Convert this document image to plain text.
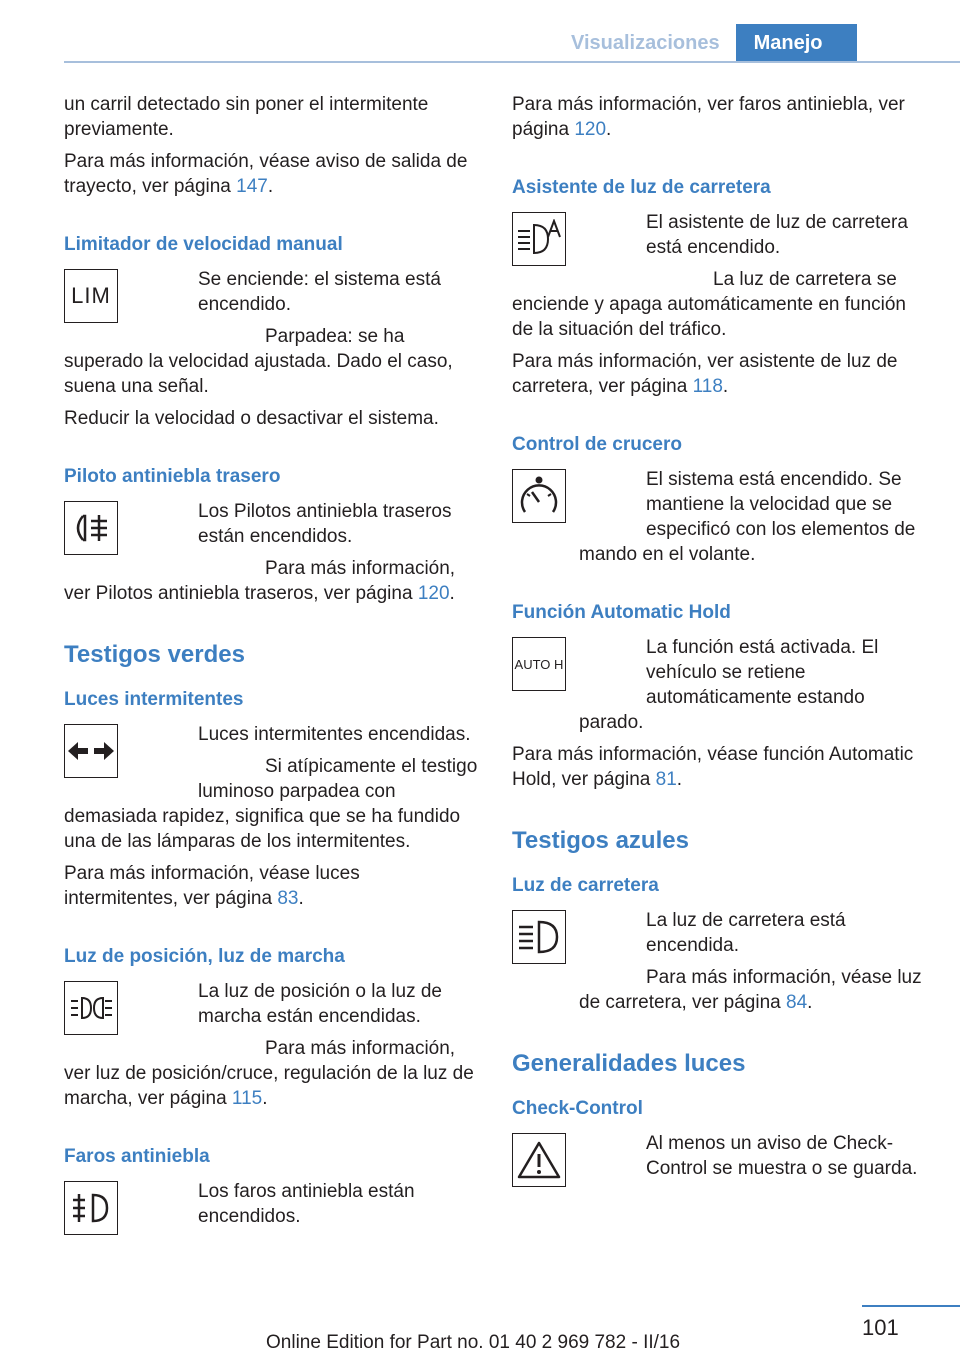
Visualizaciones	Manejo

un carril detectado sin poner el intermitente previamente.

Para más información, véase aviso de salida de trayecto, ver página 147.

Limitador de velocidad manual
LIM

Se enciende: el sistema está encendido.

Parpadea: se ha superado la velocidad ajustada. Dado el caso, suena una señal.

Reducir la velocidad o desactivar el sistema.

Piloto antiniebla trasero

Los Pilotos antiniebla traseros están encendidos.

Para más información, ver Pilotos antiniebla traseros, ver página 120.

Testigos verdes
Luces intermitentes

Luces intermitentes encendidas.

Si atípicamente el testigo luminoso parpadea con demasiada rapidez, significa que se ha fundido una de las lámparas de los intermitentes.

Para más información, véase luces intermitentes, ver página 83.

Luz de posición, luz de marcha

La luz de posición o la luz de marcha están encendidas.

Para más información, ver luz de posición/cruce, regulación de la luz de marcha, ver página 115.

Faros antiniebla

Los faros antiniebla están encendidos.

Para más información, ver faros antiniebla, ver página 120.

Asistente de luz de carretera

El asistente de luz de carretera está encendido.

La luz de carretera se enciende y apaga automáticamente en función de la situación del tráfico.

Para más información, ver asistente de luz de carretera, ver página 118.

Control de crucero

El sistema está encendido. Se mantiene la velocidad que se especificó con los elementos de mando en el volante.

Función Automatic Hold
AUTO H

La función está activada. El vehículo se retiene automáticamente estando parado.

Para más información, véase función Automatic Hold, ver página 81.

Testigos azules
Luz de carretera

La luz de carretera está encendida.

Para más información, véase luz de carretera, ver página 84.

Generalidades luces
Check-Control

Al menos un aviso de Check-Control se muestra o se guarda.

101
Online Edition for Part no. 01 40 2 969 782 - II/16
